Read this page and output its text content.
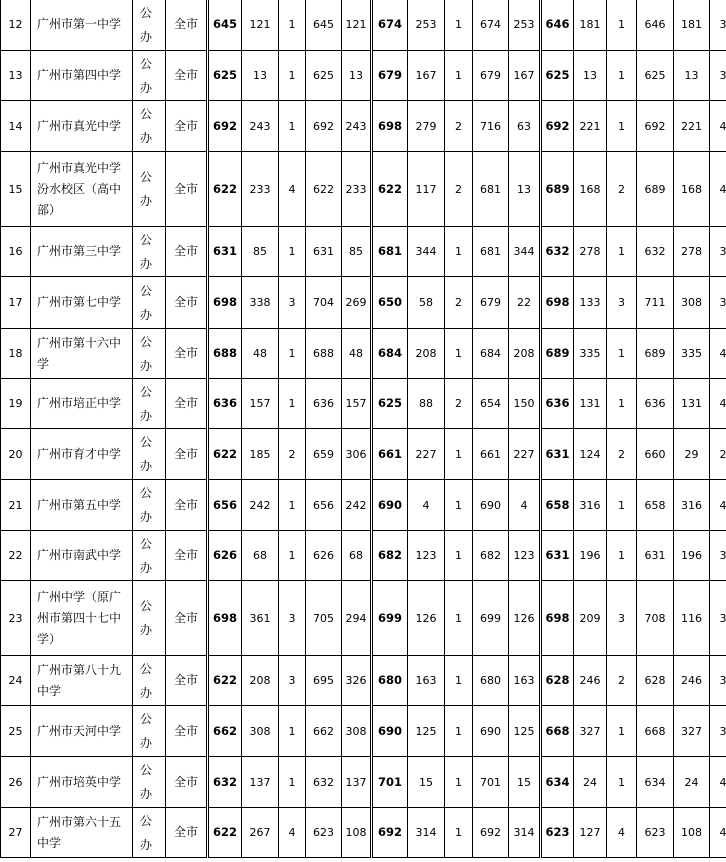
12	广州市第一中学	公办	全市	645	121	1	645	121	674	253	1	674	253	646	181	1	646	181	3
13	广州市第四中学	公办	全市	625	13	1	625	13	679	167	1	679	167	625	13	1	625	13	3
14	广州市真光中学	公办	全市	692	243	1	692	243	698	279	2	716	63	692	221	1	692	221	4
15	广州市真光中学汾水校区（高中部）	公办	全市	622	233	4	622	233	622	117	2	681	13	689	168	2	689	168	4
16	广州市第三中学	公办	全市	631	85	1	631	85	681	344	1	681	344	632	278	1	632	278	3
17	广州市第七中学	公办	全市	698	338	3	704	269	650	58	2	679	22	698	133	3	711	308	3
18	广州市第十六中学	公办	全市	688	48	1	688	48	684	208	1	684	208	689	335	1	689	335	4
19	广州市培正中学	公办	全市	636	157	1	636	157	625	88	2	654	150	636	131	1	636	131	4
20	广州市育才中学	公办	全市	622	185	2	659	306	661	227	1	661	227	631	124	2	660	29	2
21	广州市第五中学	公办	全市	656	242	1	656	242	690	4	1	690	4	658	316	1	658	316	4
22	广州市南武中学	公办	全市	626	68	1	626	68	682	123	1	682	123	631	196	1	631	196	3
23	广州中学（原广州市第四十七中学）	公办	全市	698	361	3	705	294	699	126	1	699	126	698	209	3	708	116	3
24	广州市第八十九中学	公办	全市	622	208	3	695	326	680	163	1	680	163	628	246	2	628	246	3
25	广州市天河中学	公办	全市	662	308	1	662	308	690	125	1	690	125	668	327	1	668	327	3
26	广州市培英中学	公办	全市	632	137	1	632	137	701	15	1	701	15	634	24	1	634	24	4
27	广州市第六十五中学	公办	全市	622	267	4	623	108	692	314	1	692	314	623	127	4	623	108	4
